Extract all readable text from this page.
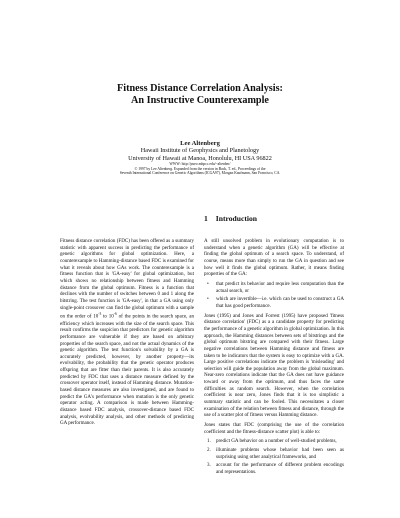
Fitness Distance Correlation Analysis:
An Instructive Counterexample
Lee Altenberg
Hawaii Institute of Geophysics and Planetology
University of Hawaii at Manoa, Honolulu, HI USA 96822
WWW: http://pueo.mhpcc.edu/~altenber/
© 1997 by Lee Altenberg. Expanded from the version in Back, T. ed., Proceedings of the
Seventh International Conference on Genetic Algorithms (ICGA97), Morgan Kaufmann, San Francisco, CA.

Fitness distance correlation (FDC) has been offered as a summary statistic with apparent success in predicting the performance of genetic algorithms for global optimization. Here, a counterexample to Hamming-distance based FDC is examined for what it reveals about how GAs work. The counterexample is a fitness function that is 'GA-easy' for global optimization, but which shows no relationship between fitness and Hamming distance from the global optimum. Fitness is a function that declines with the number of switches between 0 and 1 along the bitstring. The test function is 'GA-easy', in that a GA using only single-point crossover can find the global optimum with a sample on the order of $10^{-3}$ to $10^{-6}$ of the points in the search space, an efficiency which increases with the size of the search space. This result confirms the suspicion that predictors for genetic algorithm performance are vulnerable if they are based on arbitrary properties of the search space, and not the actual dynamics of the genetic algorithm. The test function's solvability by a GA is accurately predicted, however, by another property—its evolvability, the probability that the genetic operator produces offspring that are fitter than their parents. It is also accurately predicted by FDC that uses a distance measure defined by the crossover operator itself, instead of Hamming distance. Mutation-based distance measures are also investigated, and are found to predict the GA's performance when mutation is the only genetic operator acting. A comparison is made between Hamming-distance based FDC analysis, crossover-distance based FDC analysis, evolvability analysis, and other methods of predicting GA performance.

1 Introduction

A still unsolved problem in evolutionary computation is to understand when a genetic algorithm (GA) will be effective at finding the global optimum of a search space. To understand, of course, means more than simply to run the GA in question and see how well it finds the global optimum. Rather, it means finding properties of the GA:

• that predict its behavior and require less computation than the actual search, or
• which are invertible—i.e. which can be used to construct a GA that has good performance.

Jones (1995) and Jones and Forrest (1995) have proposed 'fitness distance correlation' (FDC) as a a candidate property for predicting the performance of a genetic algorithm in global optimization. In this approach, the Hamming distances between sets of bitstrings and the global optimum bitstring are compared with their fitness. Large negative correlations between Hamming distance and fitness are taken to be indicators that the system is easy to optimize with a GA. Large positive correlations indicate the problem is 'misleading' and selection will guide the population away from the global maximum. Near-zero correlations indicate that the GA does not have guidance toward or away from the optimum, and thus faces the same difficulties as random search. However, when the correlation coefficient is near zero, Jones finds that it is too simplistic a summary statistic and can be fooled. This necessitates a closer examination of the relation between fitness and distance, through the use of a scatter plot of fitness versus Hamming distance.

Jones states that FDC (comprising the use of the correlation coefficient and the fitness-distance scatter plot) is able to:

1. predict GA behavior on a number of well-studied problems,
2. illuminate problems whose behavior had been seen as surprising using other analytical frameworks, and
3. account for the performance of different problem encodings and representations.
